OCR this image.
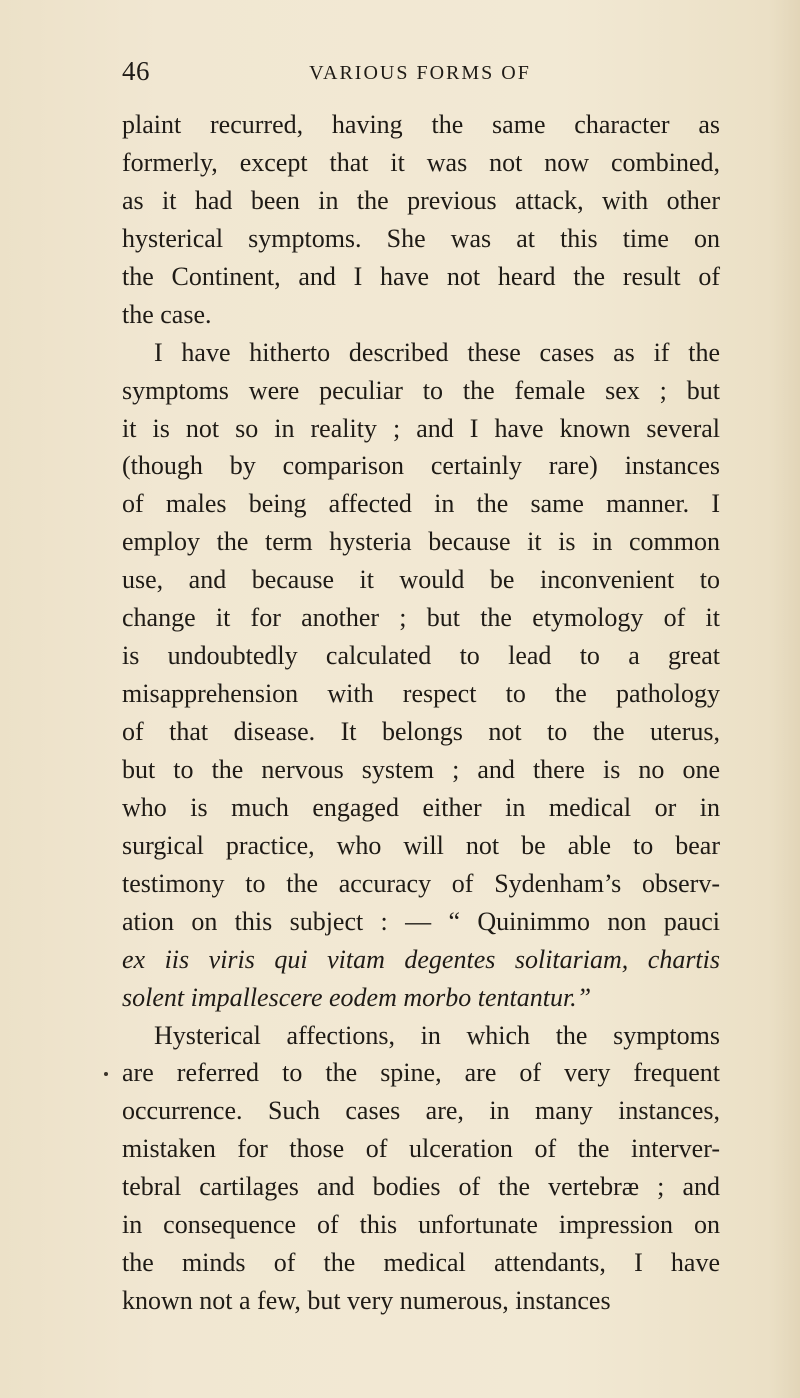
46	VARIOUS FORMS OF
plaint recurred, having the same character as
formerly, except that it was not now combined,
as it had been in the previous attack, with other
hysterical symptoms. She was at this time on
the Continent, and I have not heard the result of
the case.
I have hitherto described these cases as if the
symptoms were peculiar to the female sex ; but
it is not so in reality ; and I have known several
(though by comparison certainly rare) instances
of males being affected in the same manner. I
employ the term hysteria because it is in common
use, and because it would be inconvenient to
change it for another ; but the etymology of it
is undoubtedly calculated to lead to a great
misapprehension with respect to the pathology
of that disease. It belongs not to the uterus,
but to the nervous system ; and there is no one
who is much engaged either in medical or in
surgical practice, who will not be able to bear
testimony to the accuracy of Sydenham’s observ-
ation on this subject : — “ Quinimmo non pauci
ex iis viris qui vitam degentes solitariam, chartis
solent impallescere eodem morbo tentantur.”
Hysterical affections, in which the symptoms
are referred to the spine, are of very frequent
occurrence. Such cases are, in many instances,
mistaken for those of ulceration of the interver-
tebral cartilages and bodies of the vertebræ ; and
in consequence of this unfortunate impression on
the minds of the medical attendants, I have
known not a few, but very numerous, instances
